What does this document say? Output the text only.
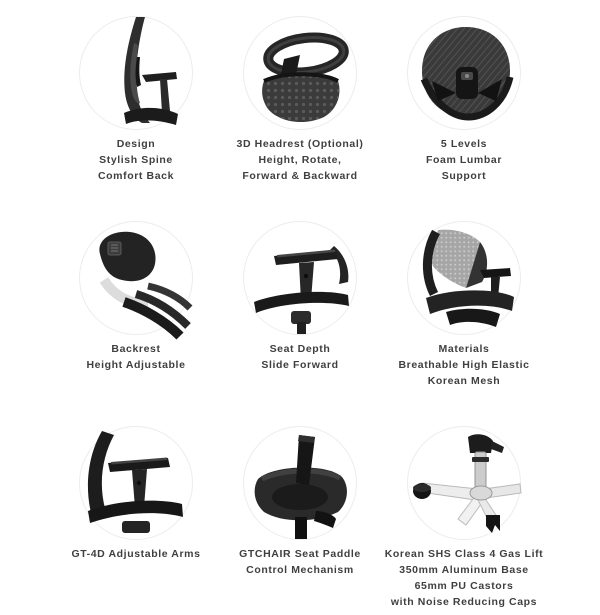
Design
Stylish Spine
Comfort Back
3D Headrest (Optional)
Height, Rotate,
Forward & Backward
5 Levels
Foam Lumbar
Support
Backrest
Height Adjustable
Seat Depth
Slide Forward
Materials
Breathable High Elastic
Korean Mesh
GT-4D Adjustable Arms	GTCHAIR Seat Paddle
Control Mechanism
Korean SHS Class 4 Gas Lift
350mm Aluminum Base
65mm PU Castors
with Noise Reducing Caps
